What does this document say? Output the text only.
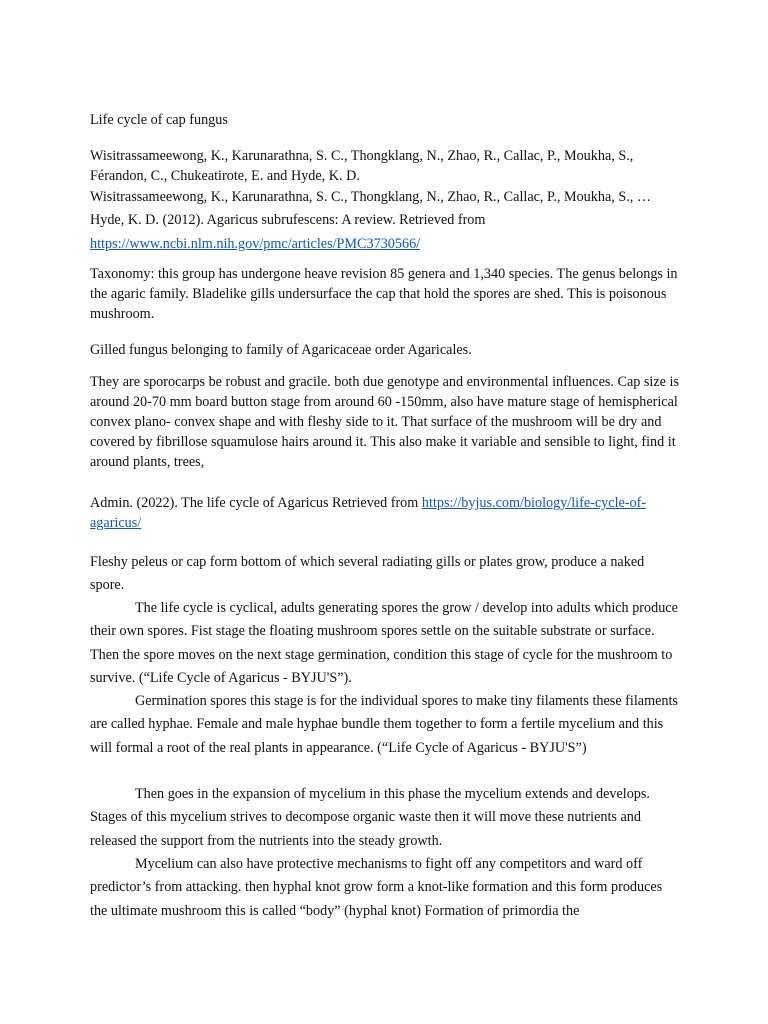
Life cycle of cap fungus

Wisitrassameewong, K., Karunarathna, S. C., Thongklang, N., Zhao, R., Callac, P., Moukha, S., Férandon, C., Chukeatirote, E. and Hyde, K. D.

Wisitrassameewong, K., Karunarathna, S. C., Thongklang, N., Zhao, R., Callac, P., Moukha, S., … Hyde, K. D. (2012). Agaricus subrufescens: A review. Retrieved from https://www.ncbi.nlm.nih.gov/pmc/articles/PMC3730566/

Taxonomy: this group has undergone heave revision 85 genera and 1,340 species. The genus belongs in the agaric family. Bladelike gills undersurface the cap that hold the spores are shed. This is poisonous mushroom.

Gilled fungus belonging to family of Agaricaceae order Agaricales.

They are sporocarps be robust and gracile. both due genotype and environmental influences. Cap size is around 20-70 mm board button stage from around 60 -150mm, also have mature stage of hemispherical convex plano- convex shape and with fleshy side to it. That surface of the mushroom will be dry and covered by fibrillose squamulose hairs around it. This also make it variable and sensible to light, find it around plants, trees,

Admin. (2022). The life cycle of Agaricus Retrieved from https://byjus.com/biology/life-cycle-of-agaricus/

Fleshy peleus or cap form bottom of which several radiating gills or plates grow, produce a naked spore.

The life cycle is cyclical, adults generating spores the grow / develop into adults which produce their own spores. Fist stage the floating mushroom spores settle on the suitable substrate or surface. Then the spore moves on the next stage germination, condition this stage of cycle for the mushroom to survive. (“Life Cycle of Agaricus - BYJU'S”).

Germination spores this stage is for the individual spores to make tiny filaments these filaments are called hyphae. Female and male hyphae bundle them together to form a fertile mycelium and this will formal a root of the real plants in appearance. (“Life Cycle of Agaricus - BYJU'S”)

Then goes in the expansion of mycelium in this phase the mycelium extends and develops. Stages of this mycelium strives to decompose organic waste then it will move these nutrients and released the support from the nutrients into the steady growth.

Mycelium can also have protective mechanisms to fight off any competitors and ward off predictor’s from attacking. then hyphal knot grow form a knot-like formation and this form produces the ultimate mushroom this is called “body” (hyphal knot) Formation of primordia the
